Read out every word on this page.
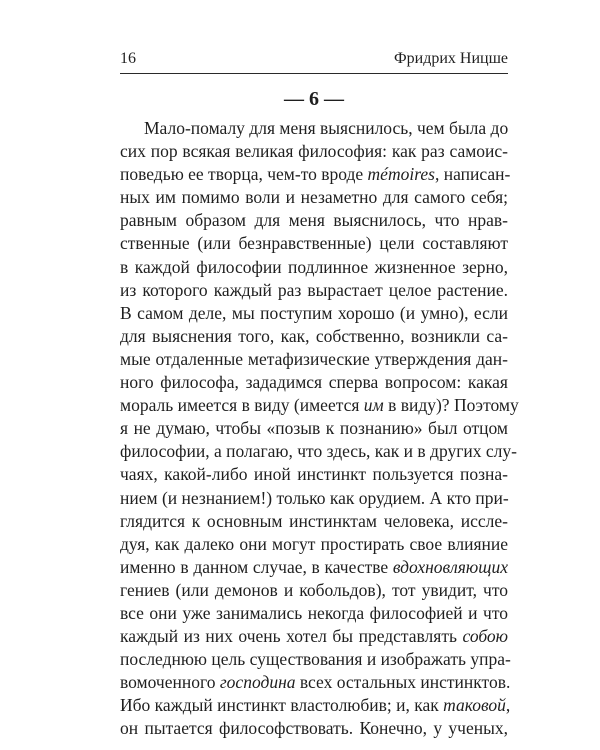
16	Фридрих Ницше
— 6 —
Мало-помалу для меня выяснилось, чем была до
сих пор всякая великая философия: как раз самоис-
поведью ее творца, чем-то вроде mémoires, написан-
ных им помимо воли и незаметно для самого себя;
равным образом для меня выяснилось, что нрав-
ственные (или безнравственные) цели составляют
в каждой философии подлинное жизненное зерно,
из которого каждый раз вырастает целое растение.
В самом деле, мы поступим хорошо (и умно), если
для выяснения того, как, собственно, возникли са-
мые отдаленные метафизические утверждения дан-
ного философа, зададимся сперва вопросом: какая
мораль имеется в виду (имеется им в виду)? Поэтому
я не думаю, чтобы «позыв к познанию» был отцом
философии, а полагаю, что здесь, как и в других слу-
чаях, какой-либо иной инстинкт пользуется позна-
нием (и незнанием!) только как орудием. А кто при-
глядится к основным инстинктам человека, иссле-
дуя, как далеко они могут простирать свое влияние
именно в данном случае, в качестве вдохновляющих
гениев (или демонов и кобольдов), тот увидит, что
все они уже занимались некогда философией и что
каждый из них очень хотел бы представлять собою
последнюю цель существования и изображать упра-
вомоченного господина всех остальных инстинктов.
Ибо каждый инстинкт властолюбив; и, как таковой,
он пытается философствовать. Конечно, у ученых,
